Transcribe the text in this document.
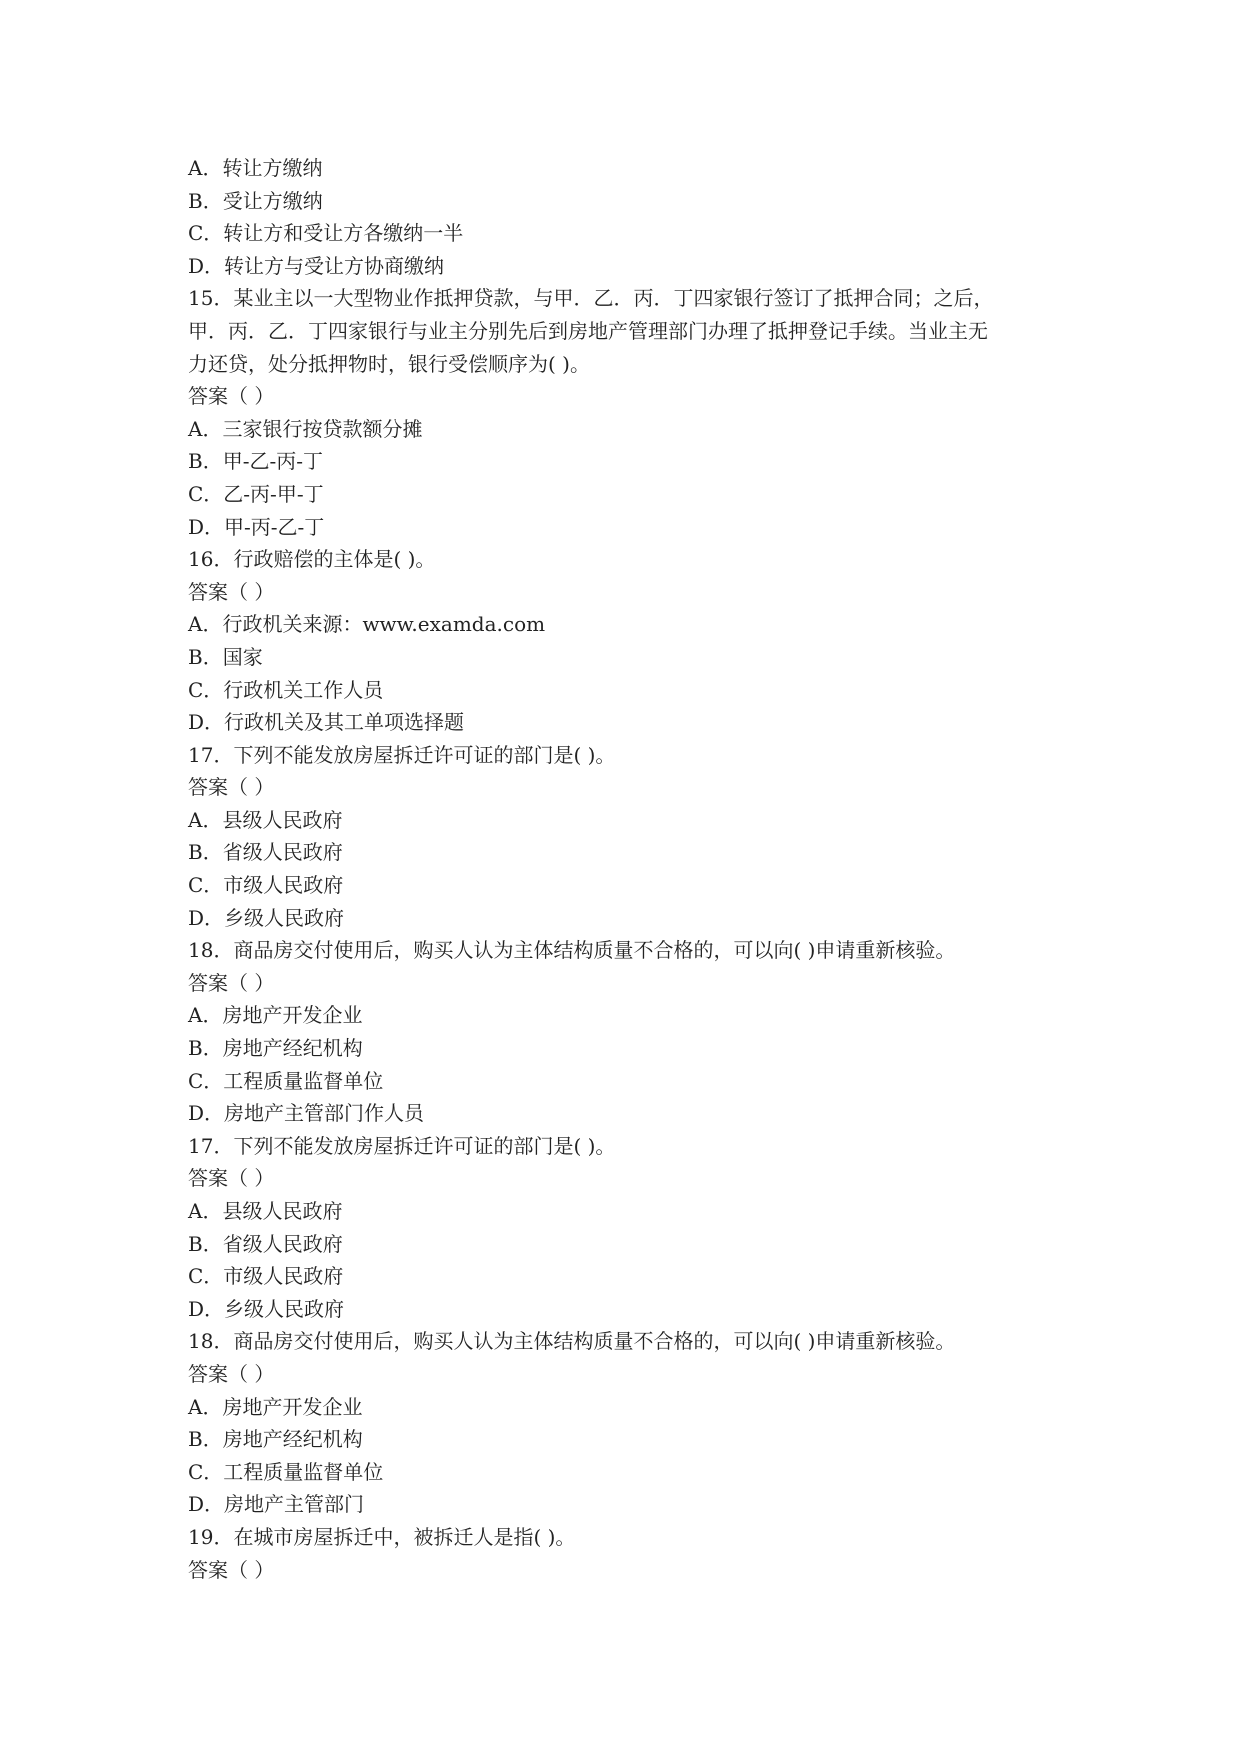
A．转让方缴纳
B．受让方缴纳
C．转让方和受让方各缴纳一半
D．转让方与受让方协商缴纳
15．某业主以一大型物业作抵押贷款，与甲．乙．丙．丁四家银行签订了抵押合同；之后，
甲．丙．乙．丁四家银行与业主分别先后到房地产管理部门办理了抵押登记手续。当业主无
力还贷，处分抵押物时，银行受偿顺序为( )。
答案（ ）
A．三家银行按贷款额分摊
B．甲-乙-丙-丁
C．乙-丙-甲-丁
D．甲-丙-乙-丁
16．行政赔偿的主体是( )。
答案（ ）
A．行政机关来源：www.examda.com
B．国家
C．行政机关工作人员
D．行政机关及其工单项选择题
17．下列不能发放房屋拆迁许可证的部门是( )。
答案（ ）
A．县级人民政府
B．省级人民政府
C．市级人民政府
D．乡级人民政府
18．商品房交付使用后，购买人认为主体结构质量不合格的，可以向( )申请重新核验。
答案（ ）
A．房地产开发企业
B．房地产经纪机构
C．工程质量监督单位
D．房地产主管部门作人员
17．下列不能发放房屋拆迁许可证的部门是( )。
答案（ ）
A．县级人民政府
B．省级人民政府
C．市级人民政府
D．乡级人民政府
18．商品房交付使用后，购买人认为主体结构质量不合格的，可以向( )申请重新核验。
答案（ ）
A．房地产开发企业
B．房地产经纪机构
C．工程质量监督单位
D．房地产主管部门
19．在城市房屋拆迁中，被拆迁人是指( )。
答案（ ）
